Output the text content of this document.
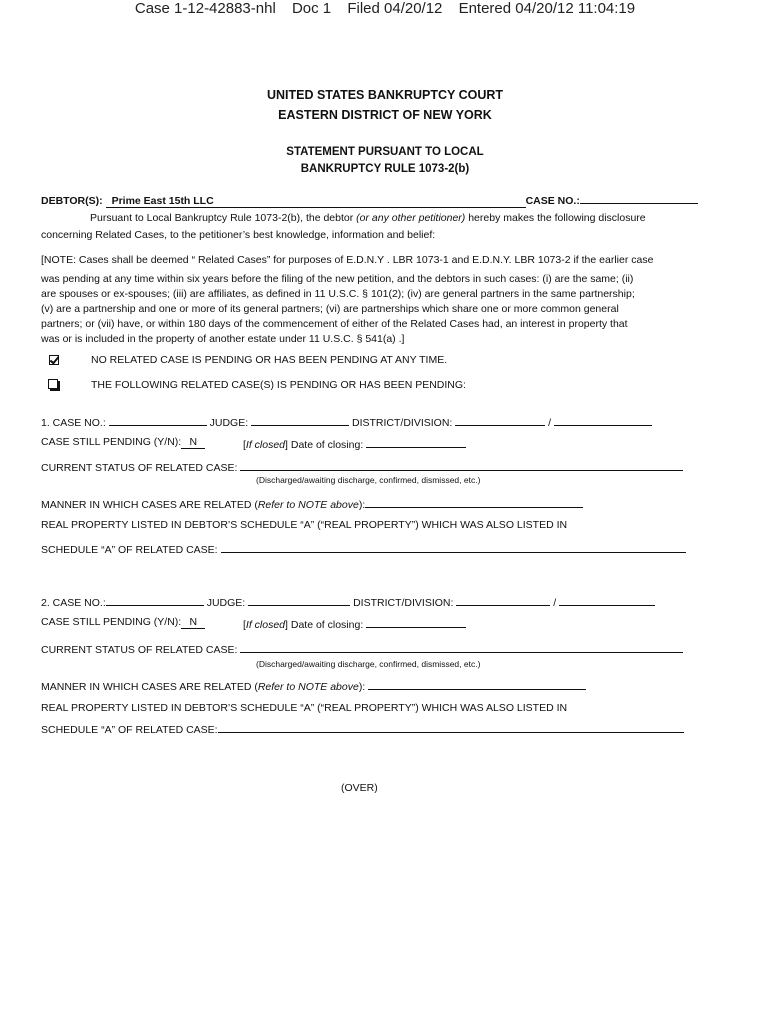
Case 1-12-42883-nhl Doc 1 Filed 04/20/12 Entered 04/20/12 11:04:19
UNITED STATES BANKRUPTCY COURT
EASTERN DISTRICT OF NEW YORK
STATEMENT PURSUANT TO LOCAL
BANKRUPTCY RULE 1073-2(b)
DEBTOR(S): Prime East 15th LLC	CASE NO.:
Pursuant to Local Bankruptcy Rule 1073-2(b), the debtor (or any other petitioner) hereby makes the following disclosure
concerning Related Cases, to the petitioner’s best knowledge, information and belief:
[NOTE: Cases shall be deemed “ Related Cases” for purposes of E.D.N.Y . LBR 1073-1 and E.D.N.Y. LBR 1073-2 if the earlier case
was pending at any time within six years before the filing of the new petition, and the debtors in such cases: (i) are the same; (ii)
are spouses or ex-spouses; (iii) are affiliates, as defined in 11 U.S.C. § 101(2); (iv) are general partners in the same partnership;
(v) are a partnership and one or more of its general partners; (vi) are partnerships which share one or more common general
partners; or (vii) have, or within 180 days of the commencement of either of the Related Cases had, an interest in property that
was or is included in the property of another estate under 11 U.S.C. § 541(a) .]
NO RELATED CASE IS PENDING OR HAS BEEN PENDING AT ANY TIME.
THE FOLLOWING RELATED CASE(S) IS PENDING OR HAS BEEN PENDING:
1. CASE NO.:	JUDGE:	DISTRICT/DIVISION:	/
CASE STILL PENDING (Y/N): N	[If closed] Date of closing:
CURRENT STATUS OF RELATED CASE:
(Discharged/awaiting discharge, confirmed, dismissed, etc.)
MANNER IN WHICH CASES ARE RELATED (Refer to NOTE above):
REAL PROPERTY LISTED IN DEBTOR’S SCHEDULE “A” (“REAL PROPERTY”) WHICH WAS ALSO LISTED IN
SCHEDULE “A” OF RELATED CASE:
2. CASE NO.:	JUDGE:	DISTRICT/DIVISION:	/
CASE STILL PENDING (Y/N): N	[If closed] Date of closing:
CURRENT STATUS OF RELATED CASE:
(Discharged/awaiting discharge, confirmed, dismissed, etc.)
MANNER IN WHICH CASES ARE RELATED (Refer to NOTE above):
REAL PROPERTY LISTED IN DEBTOR’S SCHEDULE “A” (“REAL PROPERTY”) WHICH WAS ALSO LISTED IN
SCHEDULE “A” OF RELATED CASE:
(OVER)
